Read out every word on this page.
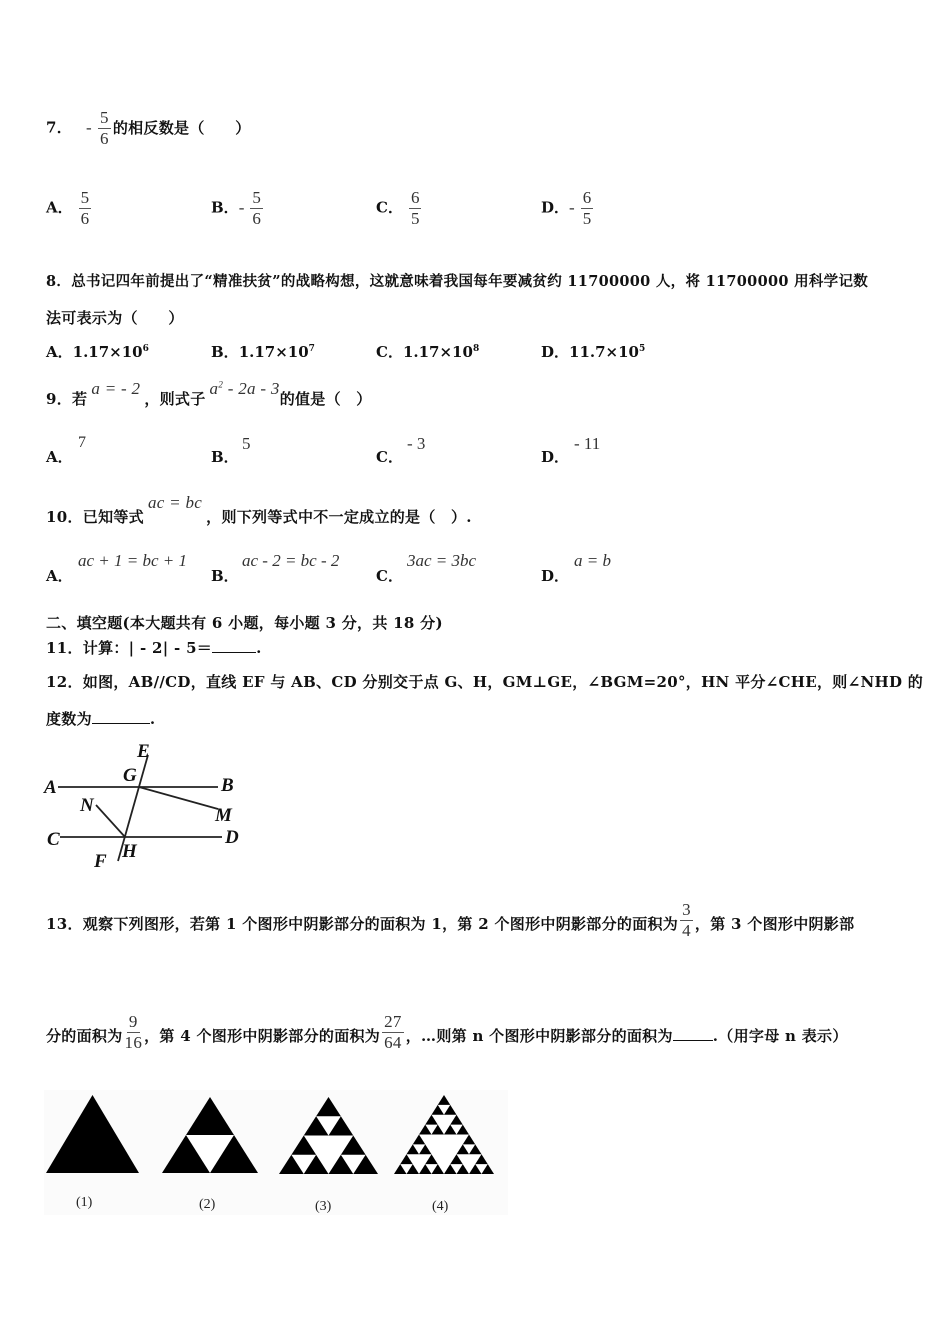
7． - $\frac{5}{6}$ 的相反数是（　　）
A． $\frac{5}{6}$	B．- $\frac{5}{6}$	C． $\frac{6}{5}$	D．- $\frac{6}{5}$
8．总书记四年前提出了“精准扶贫”的战略构想，这就意味着我国每年要减贫约 11700000 人，将 11700000 用科学记数
法可表示为（　　）
A．$1.17\times 10^6$	B．$1.17\times 10^7$	C．$1.17\times 10^8$	D．$11.7\times 10^5$
9．若a = - 2，则式子$a^2 - 2a - 3$的值是（　）
A．
7
B．
5
C．
- 3
D．
- 11
10．已知等式ac = bc，则下列等式中不一定成立的是（　）.
A．
ac + 1 = bc + 1
B．
ac - 2 = bc - 2
C．
3ac = 3bc
D．
a = b
二、填空题(本大题共有 6 小题，每小题 3 分，共 18 分)
11．计算：| - 2| - 5＝	.
12．如图，AB//CD，直线 EF 与 AB、CD 分别交于点 G、H，GM⊥GE，∠BGM=20°，HN 平分∠CHE，则∠NHD 的
度数为	.
A	B
C	D
E
F
G
H
M
N
13．观察下列图形，若第 1 个图形中阴影部分的面积为 1，第 2 个图形中阴影部分的面积为 $\frac{3}{4}$ ，第 3 个图形中阴影部
分的面积为 $\frac{9}{16}$ ，第 4 个图形中阴影部分的面积为 $\frac{27}{64}$ ，…则第 n 个图形中阴影部分的面积为	.（用字母 n 表示）
(1)	(2)	(3)	(4)
